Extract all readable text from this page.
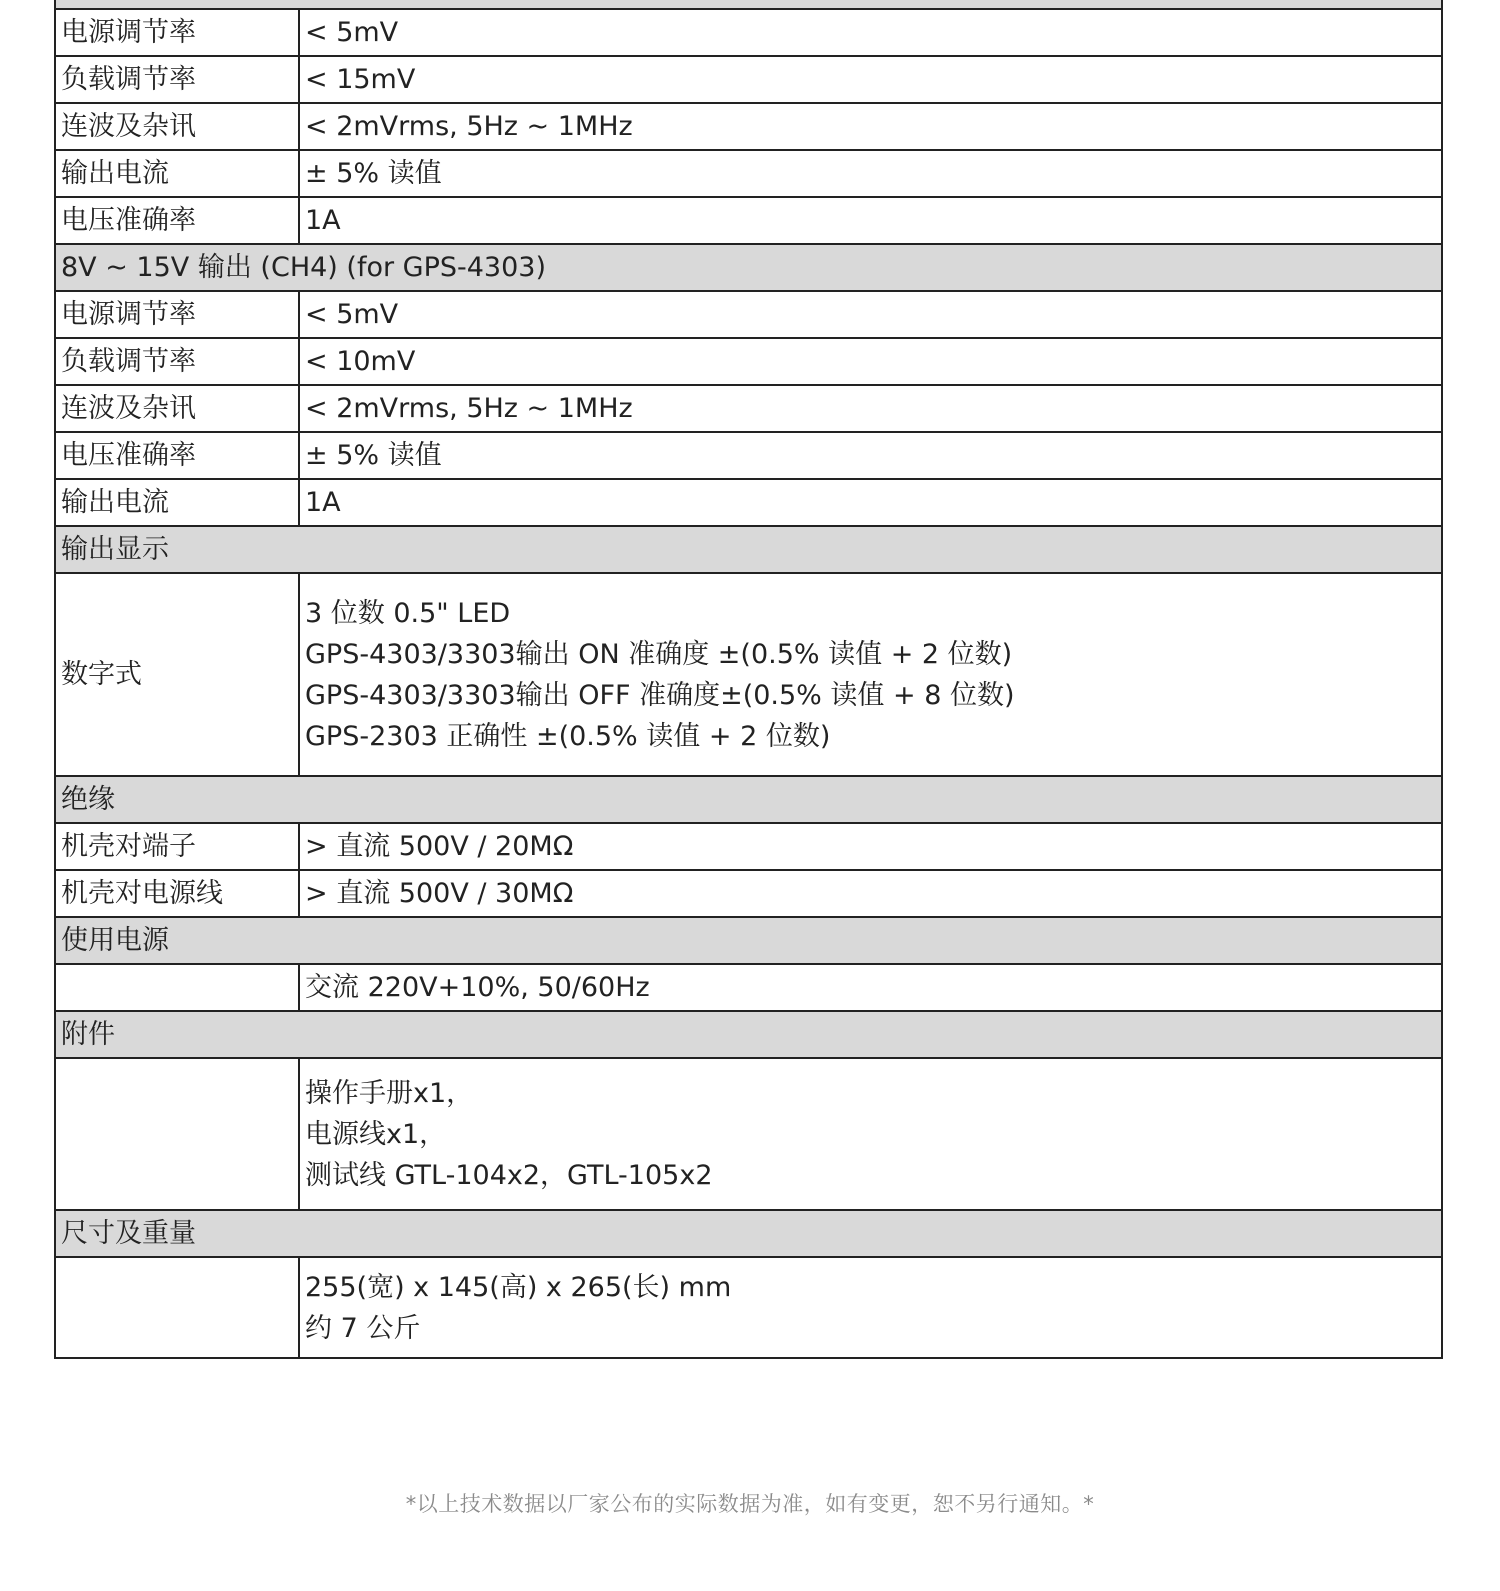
电源调节率	< 5mV
负载调节率	< 15mV
连波及杂讯	< 2mVrms, 5Hz ~ 1MHz
输出电流	± 5% 读值
电压准确率	1A
8V ~ 15V 输出 (CH4) (for GPS-4303)	
电源调节率	< 5mV
负载调节率	< 10mV
连波及杂讯	< 2mVrms, 5Hz ~ 1MHz
电压准确率	± 5% 读值
输出电流	1A
输出显示	
数字式	3 位数 0.5" LED
GPS-4303/3303输出 ON 准确度 ±(0.5% 读值 + 2 位数)
GPS-4303/3303输出 OFF 准确度±(0.5% 读值 + 8 位数)
GPS-2303 正确性 ±(0.5% 读值 + 2 位数)

绝缘	
机壳对端子	> 直流 500V / 20MΩ
机壳对电源线	> 直流 500V / 30MΩ
使用电源	
	交流 220V+10%, 50/60Hz
附件	

	操作手册x1，
电源线x1，
测试线 GTL-104x2，GTL-105x2

尺寸及重量	

	255(宽) x 145(高) x 265(长) mm
约 7 公斤
*以上技术数据以厂家公布的实际数据为准，如有变更，恕不另行通知。*
